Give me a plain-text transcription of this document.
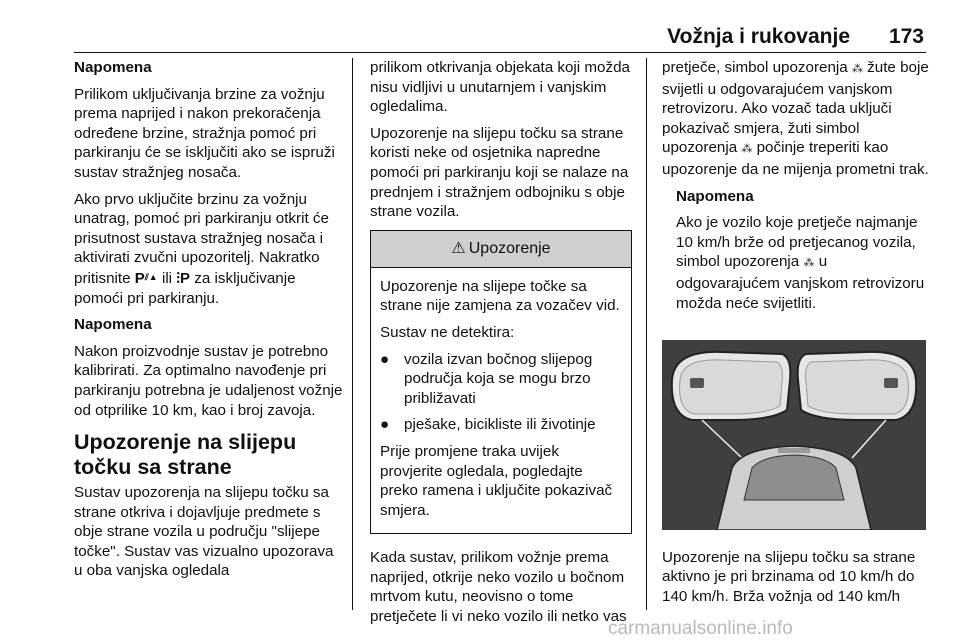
Vožnja i rukovanje 173

Napomena

Prilikom uključivanja brzine za vožnju prema naprijed i nakon prekoračenja određene brzine, stražnja pomoć pri parkiranju će se isključiti ako se ispruži sustav stražnjeg nosača.

Ako prvo uključite brzinu za vožnju unatrag, pomoć pri parkiranju otkrit će prisutnost sustava stražnjeg nosača i aktivirati zvučni upozoritelj. Nakratko pritisnite P⫽▲ ili ⫶P za isključivanje pomoći pri parkiranju.

Napomena

Nakon proizvodnje sustav je potrebno kalibrirati. Za optimalno navođenje pri parkiranju potrebna je udaljenost vožnje od otprilike 10 km, kao i broj zavoja.

Upozorenje na slijepu točku sa strane

Sustav upozorenja na slijepu točku sa strane otkriva i dojavljuje predmete s obje strane vozila u području "slijepe točke". Sustav vas vizualno upozorava u oba vanjska ogledala

prilikom otkrivanja objekata koji možda nisu vidljivi u unutarnjem i vanjskim ogledalima.

Upozorenje na slijepu točku sa strane koristi neke od osjetnika napredne pomoći pri parkiranju koji se nalaze na prednjem i stražnjem odbojniku s obje strane vozila.

⚠ Upozorenje

Upozorenje na slijepe točke sa strane nije zamjena za vozačev vid.

Sustav ne detektira:

● vozila izvan bočnog slijepog područja koja se mogu brzo približavati
● pješake, bicikliste ili životinje

Prije promjene traka uvijek provjerite ogledala, pogledajte preko ramena i uključite pokazivač smjera.

Kada sustav, prilikom vožnje prema naprijed, otkrije neko vozilo u bočnom mrtvom kutu, neovisno o tome pretječete li vi neko vozilo ili netko vas

pretječe, simbol upozorenja ⁂ žute boje svijetli u odgovarajućem vanjskom retrovizoru. Ako vozač tada uključi pokazivač smjera, žuti simbol upozorenja ⁂ počinje treperiti kao upozorenje da ne mijenja prometni trak.

Napomena

Ako je vozilo koje pretječe najmanje 10 km/h brže od pretjecanog vozila, simbol upozorenja ⁂ u odgovarajućem vanjskom retrovizoru možda neće svijetliti.

Upozorenje na slijepu točku sa strane aktivno je pri brzinama od 10 km/h do 140 km/h. Brža vožnja od 140 km/h

carmanualsonline.info
